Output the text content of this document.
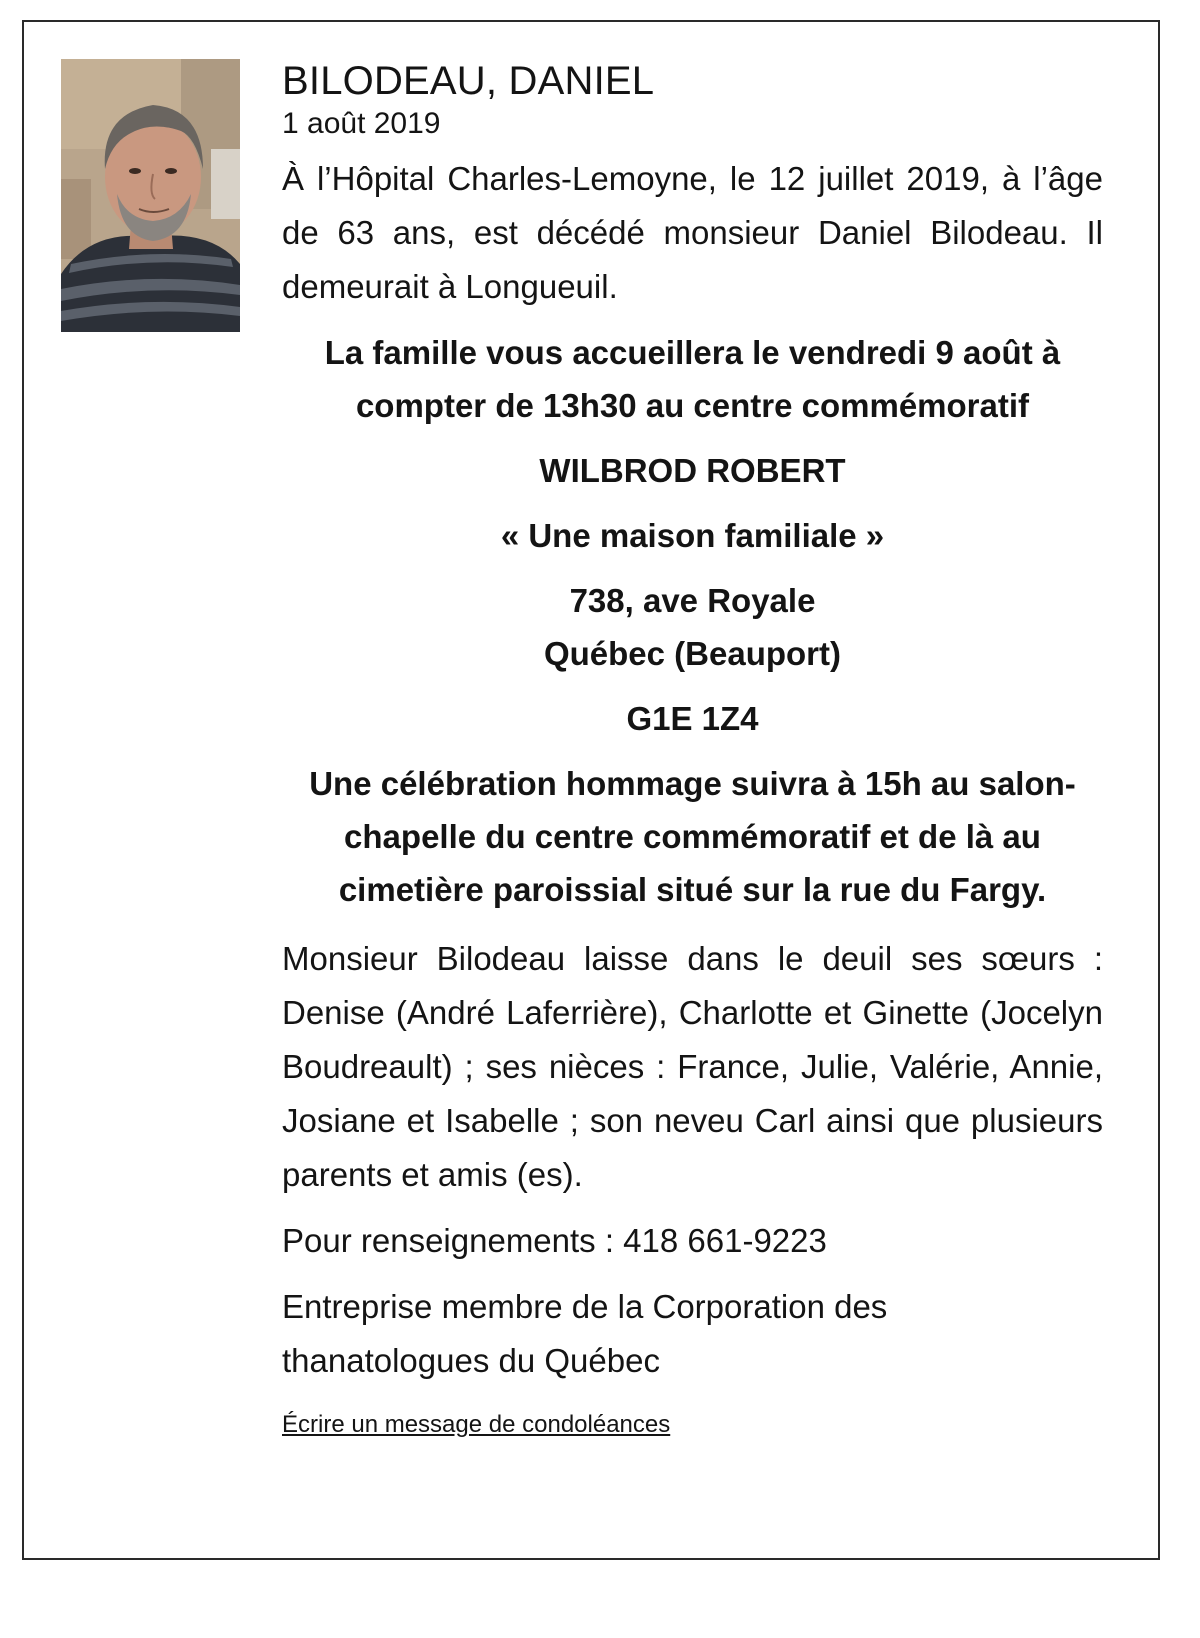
BILODEAU, DANIEL

1 août 2019

À l’Hôpital Charles-Lemoyne, le 12 juillet 2019, à l’âge de 63 ans, est décédé monsieur Daniel Bilodeau. Il demeurait à Longueuil.

La famille vous accueillera le vendredi 9 août à compter de 13h30 au centre commémoratif

WILBROD ROBERT

« Une maison familiale »

738, ave Royale

Québec (Beauport)

G1E 1Z4

Une célébration hommage suivra à 15h au salon-chapelle du centre commémoratif et de là au cimetière paroissial situé sur la rue du Fargy.

Monsieur Bilodeau laisse dans le deuil ses sœurs : Denise (André Laferrière), Charlotte et Ginette (Jocelyn Boudreault) ; ses nièces : France, Julie, Valérie, Annie, Josiane et Isabelle ; son neveu Carl ainsi que plusieurs parents et amis (es).

Pour renseignements : 418 661-9223

Entreprise membre de la Corporation des thanatologues du Québec

Écrire un message de condoléances
